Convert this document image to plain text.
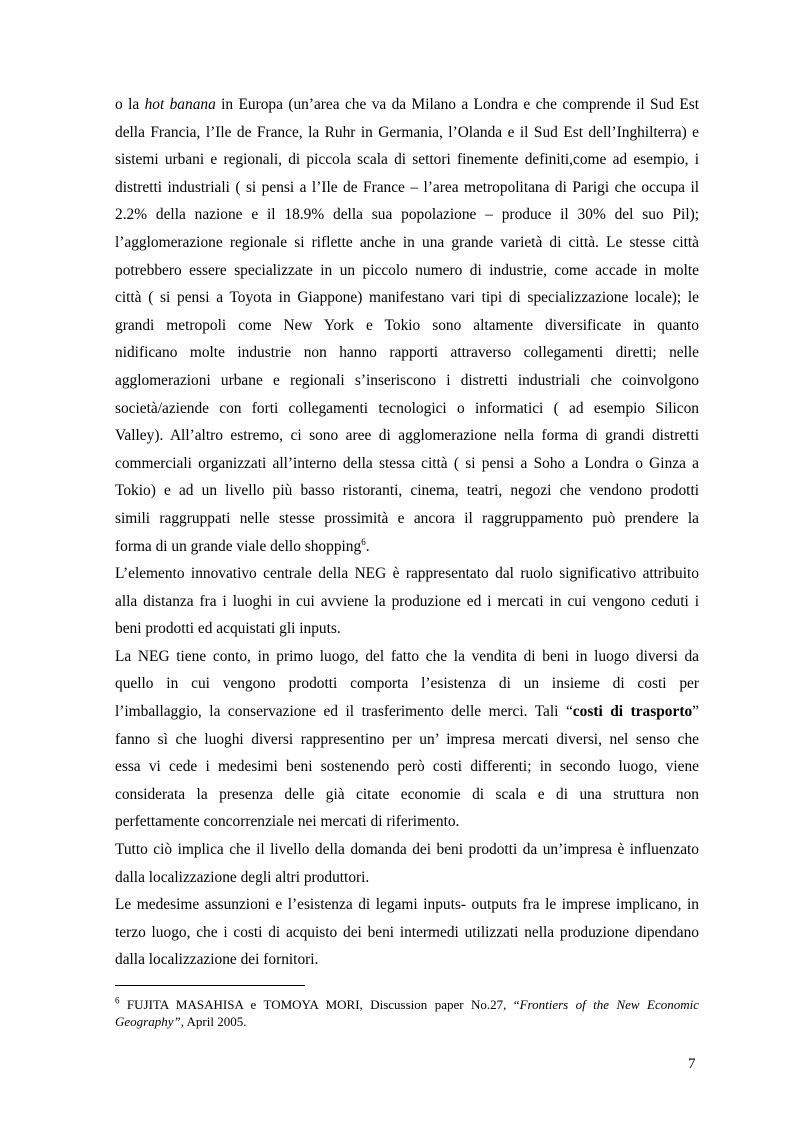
o la hot banana in Europa (un’area che va da Milano a Londra e che comprende il Sud Est
della Francia, l’Ile de France, la Ruhr in Germania, l’Olanda e il Sud Est dell’Inghilterra) e
sistemi urbani e regionali, di piccola scala di settori finemente definiti,come ad esempio, i
distretti industriali ( si pensi a l’Ile de France – l’area metropolitana di Parigi che occupa il
2.2% della nazione e il 18.9% della sua popolazione – produce il 30% del suo Pil);
l’agglomerazione regionale si riflette anche in una grande varietà di città. Le stesse città
potrebbero essere specializzate in un piccolo numero di industrie, come accade in molte
città ( si pensi a Toyota in Giappone) manifestano vari tipi di specializzazione locale); le
grandi metropoli come New York e Tokio sono altamente diversificate in quanto
nidificano molte industrie non hanno rapporti attraverso collegamenti diretti; nelle
agglomerazioni urbane e regionali s’inseriscono i distretti industriali che coinvolgono
società/aziende con forti collegamenti tecnologici o informatici ( ad esempio Silicon
Valley). All’altro estremo, ci sono aree di agglomerazione nella forma di grandi distretti
commerciali organizzati all’interno della stessa città ( si pensi a Soho a Londra o Ginza a
Tokio) e ad un livello più basso ristoranti, cinema, teatri, negozi che vendono prodotti
simili raggruppati nelle stesse prossimità e ancora il raggruppamento può prendere la
forma di un grande viale dello shopping$^6$.
L’elemento innovativo centrale della NEG è rappresentato dal ruolo significativo attribuito
alla distanza fra i luoghi in cui avviene la produzione ed i mercati in cui vengono ceduti i
beni prodotti ed acquistati gli inputs.
La NEG tiene conto, in primo luogo, del fatto che la vendita di beni in luogo diversi da
quello in cui vengono prodotti comporta l’esistenza di un insieme di costi per
l’imballaggio, la conservazione ed il trasferimento delle merci. Tali “costi di trasporto”
fanno sì che luoghi diversi rappresentino per un’ impresa mercati diversi, nel senso che
essa vi cede i medesimi beni sostenendo però costi differenti; in secondo luogo, viene
considerata la presenza delle già citate economie di scala e di una struttura non
perfettamente concorrenziale nei mercati di riferimento.
Tutto ciò implica che il livello della domanda dei beni prodotti da un’impresa è influenzato
dalla localizzazione degli altri produttori.
Le medesime assunzioni e l’esistenza di legami inputs- outputs fra le imprese implicano, in
terzo luogo, che i costi di acquisto dei beni intermedi utilizzati nella produzione dipendano
dalla localizzazione dei fornitori.
$^6$ FUJITA MASAHISA e TOMOYA MORI, Discussion paper No.27, “Frontiers of the New Economic
Geography”, April 2005.
7
